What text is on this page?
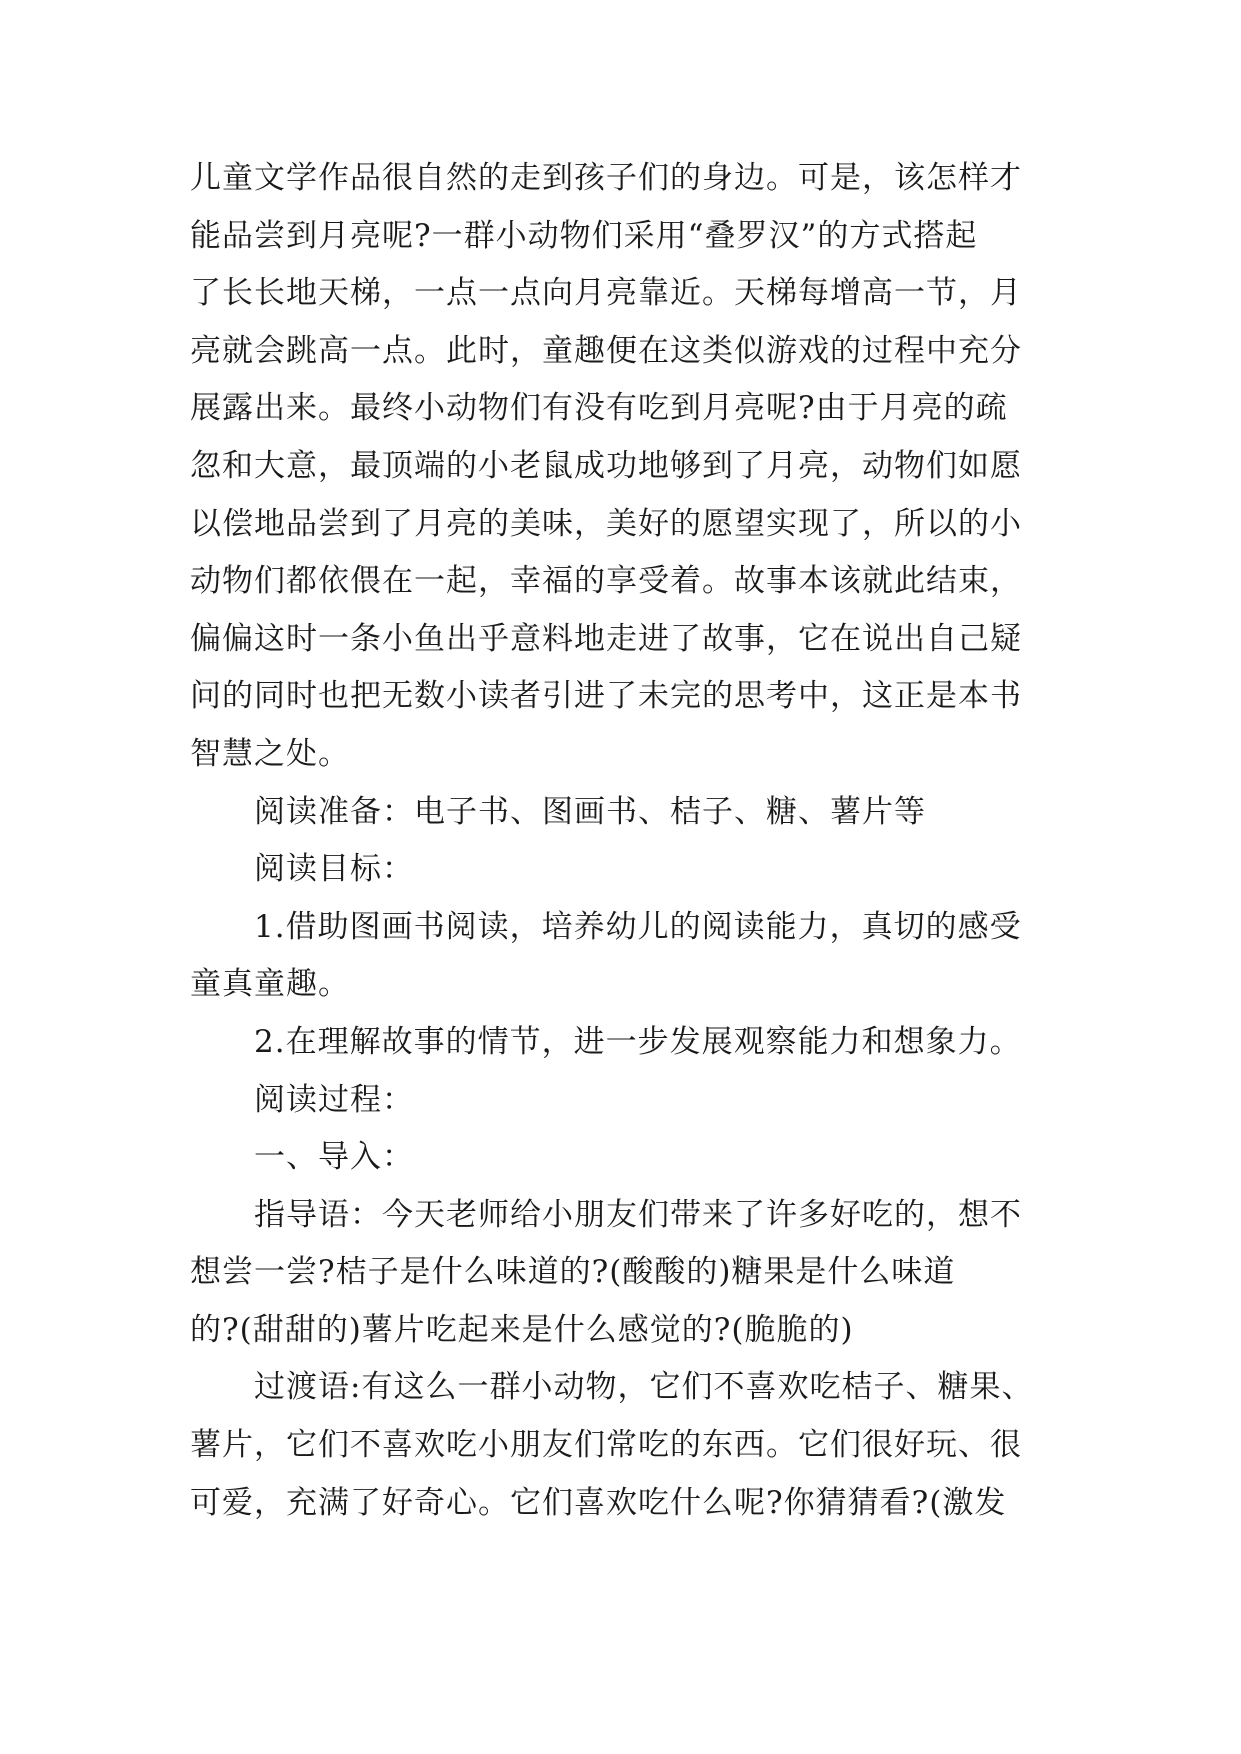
儿童文学作品很自然的走到孩子们的身边。可是，该怎样才
能品尝到月亮呢?一群小动物们采用“叠罗汉”的方式搭起
了长长地天梯，一点一点向月亮靠近。天梯每增高一节，月
亮就会跳高一点。此时，童趣便在这类似游戏的过程中充分
展露出来。最终小动物们有没有吃到月亮呢?由于月亮的疏
忽和大意，最顶端的小老鼠成功地够到了月亮，动物们如愿
以偿地品尝到了月亮的美味，美好的愿望实现了，所以的小
动物们都依偎在一起，幸福的享受着。故事本该就此结束，
偏偏这时一条小鱼出乎意料地走进了故事，它在说出自己疑
问的同时也把无数小读者引进了未完的思考中，这正是本书
智慧之处。
阅读准备：电子书、图画书、桔子、糖、薯片等
阅读目标：
1.借助图画书阅读，培养幼儿的阅读能力，真切的感受
童真童趣。
2.在理解故事的情节，进一步发展观察能力和想象力。
阅读过程：
一、导入：
指导语：今天老师给小朋友们带来了许多好吃的，想不
想尝一尝?桔子是什么味道的?(酸酸的)糖果是什么味道
的?(甜甜的)薯片吃起来是什么感觉的?(脆脆的)
过渡语:有这么一群小动物，它们不喜欢吃桔子、糖果、
薯片，它们不喜欢吃小朋友们常吃的东西。它们很好玩、很
可爱，充满了好奇心。它们喜欢吃什么呢?你猜猜看?(激发
